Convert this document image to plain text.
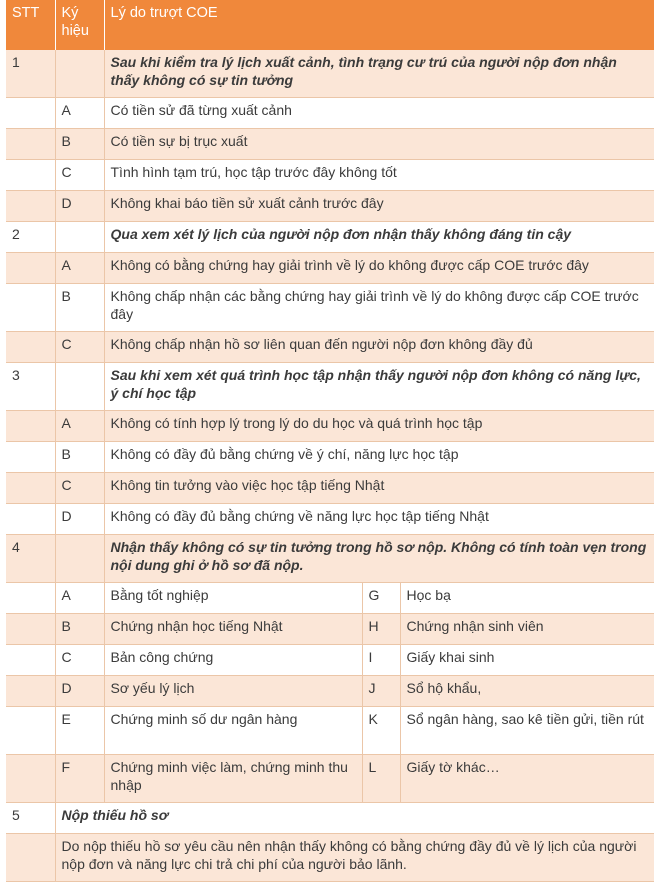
STT	Ký hiệu	Lý do trượt COE		
1		Sau khi kiểm tra lý lịch xuất cảnh, tình trạng cư trú của người nộp đơn nhận thấy không có sự tin tưởng		
	A	Có tiền sử đã từng xuất cảnh		
	B	Có tiền sự bị trục xuất		
	C	Tình hình tạm trú, học tập trước đây không tốt		
	D	Không khai báo tiền sử xuất cảnh trước đây		
2		Qua xem xét lý lịch của người nộp đơn nhận thấy không đáng tin cậy		
	A	Không có bằng chứng hay giải trình về lý do không được cấp COE trước đây		
	B	Không chấp nhận các bằng chứng hay giải trình về lý do không được cấp COE trước đây		
	C	Không chấp nhận hồ sơ liên quan đến người nộp đơn không đầy đủ		
3		Sau khi xem xét quá trình học tập nhận thấy người nộp đơn không có năng lực, ý chí học tập		
	A	Không có tính hợp lý trong lý do du học và quá trình học tập		
	B	Không có đầy đủ bằng chứng về ý chí, năng lực học tập		
	C	Không tin tưởng vào việc học tập tiếng Nhật		
	D	Không có đầy đủ bằng chứng về năng lực học tập tiếng Nhật		
4		Nhận thấy không có sự tin tưởng trong hồ sơ nộp. Không có tính toàn vẹn trong nội dung ghi ở hồ sơ đã nộp.		
	A	Bằng tốt nghiệp	G	Học bạ
	B	Chứng nhận học tiếng Nhật	H	Chứng nhận sinh viên
	C	Bản công chứng	I	Giấy khai sinh
	D	Sơ yếu lý lịch	J	Sổ hộ khẩu,
	E	Chứng minh số dư ngân hàng	K	Sổ ngân hàng, sao kê tiền gửi, tiền rút
	F	Chứng minh việc làm, chứng minh thu nhập	L	Giấy tờ khác…
5	Nộp thiếu hồ sơ			
	Do nộp thiếu hồ sơ yêu cầu nên nhận thấy không có bằng chứng đầy đủ về lý lịch của người nộp đơn và năng lực chi trả chi phí của người bảo lãnh.			
